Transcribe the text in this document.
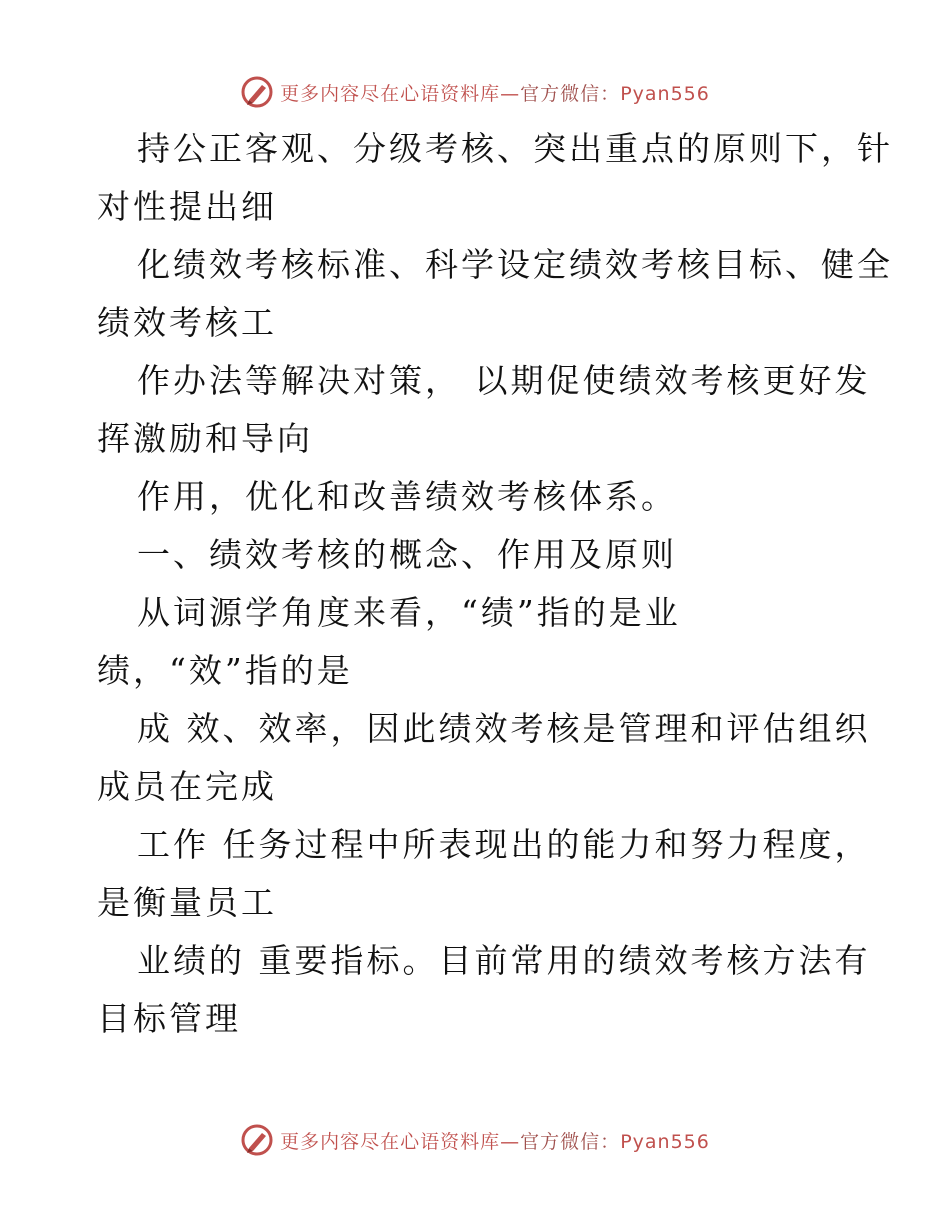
更多内容尽在心语资料库—官方微信：Pyan556
持公正客观、分级考核、突出重点的原则下，针
对性提出细
化绩效考核标准、科学设定绩效考核目标、健全
绩效考核工
作办法等解决对策， 以期促使绩效考核更好发
挥激励和导向
作用，优化和改善绩效考核体系。
一、绩效考核的概念、作用及原则
从词源学角度来看，“绩”指的是业
绩，“效”指的是
成 效、效率，因此绩效考核是管理和评估组织
成员在完成
工作 任务过程中所表现出的能力和努力程度，
是衡量员工
业绩的 重要指标。目前常用的绩效考核方法有
目标管理
更多内容尽在心语资料库—官方微信：Pyan556
